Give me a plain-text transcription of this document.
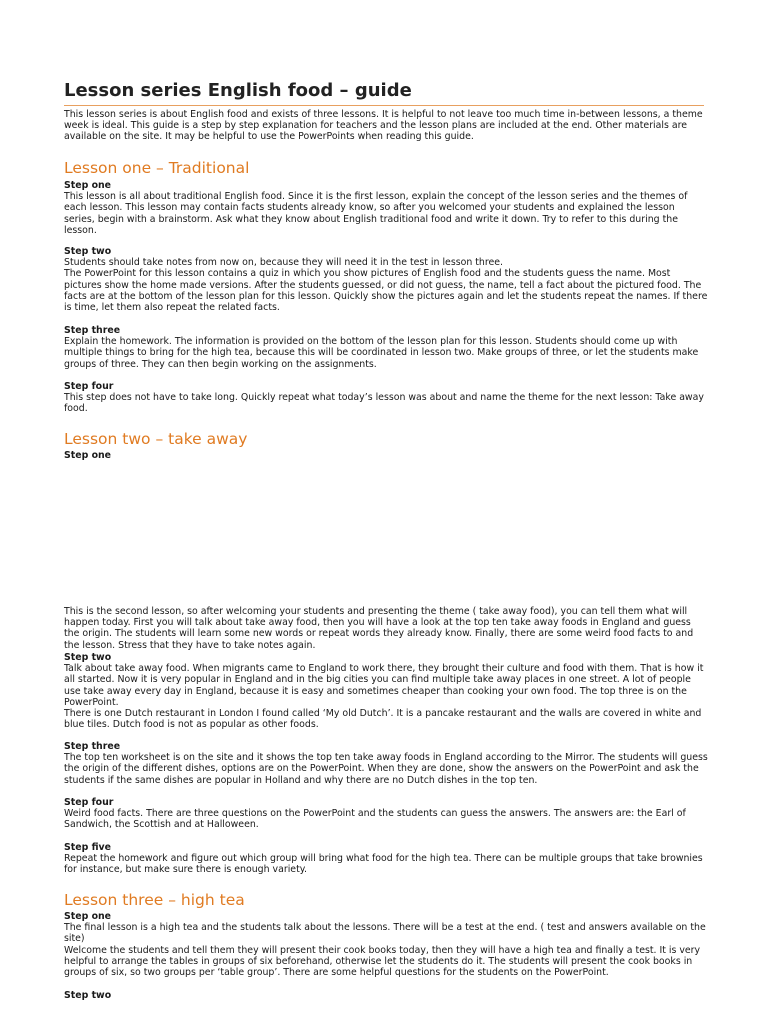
Lesson series English food – guide

This lesson series is about English food and exists of three lessons. It is helpful to not leave too much time in-between lessons, a theme week is ideal. This guide is a step by step explanation for teachers and the lesson plans are included at the end. Other materials are available on the site. It may be helpful to use the PowerPoints when reading this guide.

Lesson one – Traditional
Step one
This lesson is all about traditional English food. Since it is the first lesson, explain the concept of the lesson series and the themes of each lesson. This lesson may contain facts students already know, so after you welcomed your students and explained the lesson series, begin with a brainstorm. Ask what they know about English traditional food and write it down. Try to refer to this during the lesson.
Step two
Students should take notes from now on, because they will need it in the test in lesson three.
The PowerPoint for this lesson contains a quiz in which you show pictures of English food and the students guess the name. Most pictures show the home made versions. After the students guessed, or did not guess, the name, tell a fact about the pictured food. The facts are at the bottom of the lesson plan for this lesson. Quickly show the pictures again and let the students repeat the names. If there is time, let them also repeat the related facts.
Step three
Explain the homework. The information is provided on the bottom of the lesson plan for this lesson. Students should come up with multiple things to bring for the high tea, because this will be coordinated in lesson two. Make groups of three, or let the students make groups of three. They can then begin working on the assignments.
Step four
This step does not have to take long. Quickly repeat what today’s lesson was about and name the theme for the next lesson: Take away food.
Lesson two – take away
Step one
This is the second lesson, so after welcoming your students and presenting the theme ( take away food), you can tell them what will happen today. First you will talk about take away food, then you will have a look at the top ten take away foods in England and guess the origin. The students will learn some new words or repeat words they already know. Finally, there are some weird food facts to and the lesson. Stress that they have to take notes again.
Step two
Talk about take away food. When migrants came to England to work there, they brought their culture and food with them. That is how it all started. Now it is very popular in England and in the big cities you can find multiple take away places in one street. A lot of people use take away every day in England, because it is easy and sometimes cheaper than cooking your own food. The top three is on the PowerPoint.
There is one Dutch restaurant in London I found called ‘My old Dutch’. It is a pancake restaurant and the walls are covered in white and blue tiles. Dutch food is not as popular as other foods.
Step three
The top ten worksheet is on the site and it shows the top ten take away foods in England according to the Mirror. The students will guess the origin of the different dishes, options are on the PowerPoint. When they are done, show the answers on the PowerPoint and ask the students if the same dishes are popular in Holland and why there are no Dutch dishes in the top ten.
Step four
Weird food facts. There are three questions on the PowerPoint and the students can guess the answers. The answers are: the Earl of Sandwich, the Scottish and at Halloween.
Step five
Repeat the homework and figure out which group will bring what food for the high tea. There can be multiple groups that take brownies for instance, but make sure there is enough variety.
Lesson three – high tea
Step one
The final lesson is a high tea and the students talk about the lessons. There will be a test at the end. ( test and answers available on the site)
Welcome the students and tell them they will present their cook books today, then they will have a high tea and finally a test. It is very helpful to arrange the tables in groups of six beforehand, otherwise let the students do it. The students will present the cook books in groups of six, so two groups per ‘table group’. There are some helpful questions for the students on the PowerPoint.
Step two
